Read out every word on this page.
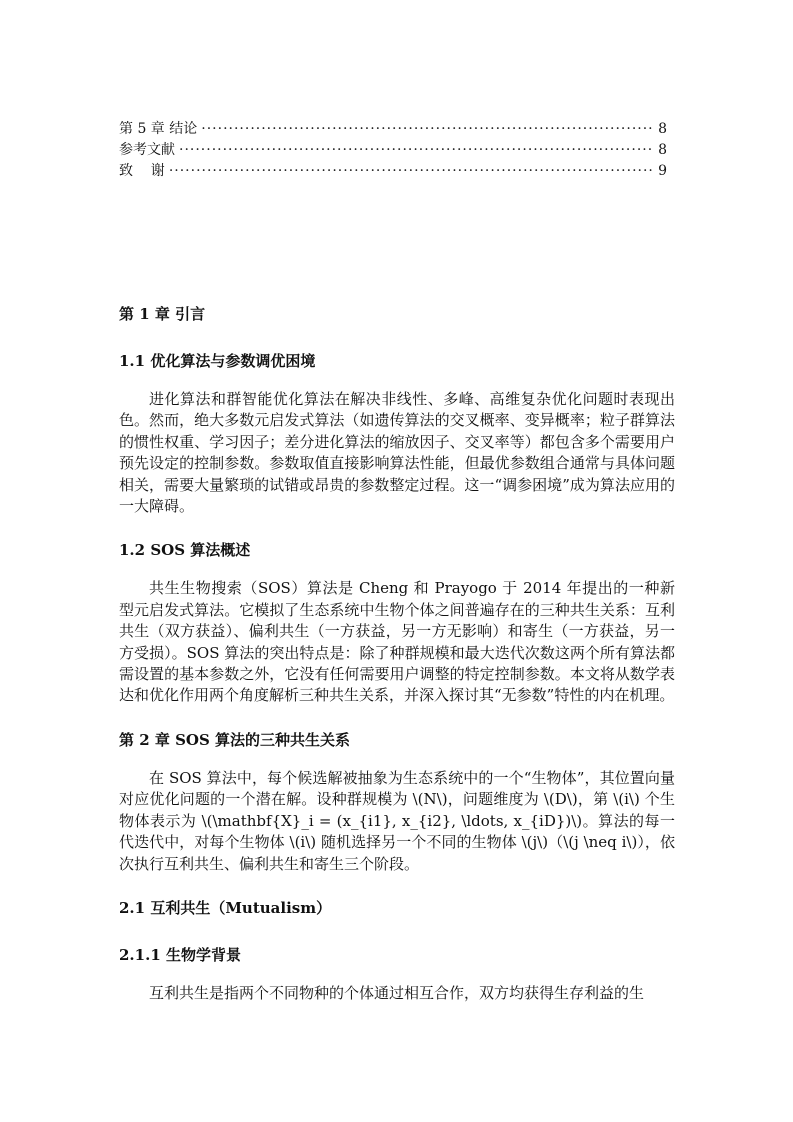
第 5 章 结论 ·····	8
参考文献 ·····	8
致    谢 ·····	9
第 1 章 引言
1.1 优化算法与参数调优困境

进化算法和群智能优化算法在解决非线性、多峰、高维复杂优化问题时表现出色。然而，绝大多数元启发式算法（如遗传算法的交叉概率、变异概率；粒子群算法的惯性权重、学习因子；差分进化算法的缩放因子、交叉率等）都包含多个需要用户预先设定的控制参数。参数取值直接影响算法性能，但最优参数组合通常与具体问题相关，需要大量繁琐的试错或昂贵的参数整定过程。这一“调参困境”成为算法应用的一大障碍。

1.2 SOS 算法概述

共生生物搜索（SOS）算法是 Cheng 和 Prayogo 于 2014 年提出的一种新型元启发式算法。它模拟了生态系统中生物个体之间普遍存在的三种共生关系：互利共生（双方获益）、偏利共生（一方获益，另一方无影响）和寄生（一方获益，另一方受损）。SOS 算法的突出特点是：除了种群规模和最大迭代次数这两个所有算法都需设置的基本参数之外，它没有任何需要用户调整的特定控制参数。本文将从数学表达和优化作用两个角度解析三种共生关系，并深入探讨其“无参数”特性的内在机理。

第 2 章 SOS 算法的三种共生关系

在 SOS 算法中，每个候选解被抽象为生态系统中的一个“生物体”，其位置向量对应优化问题的一个潜在解。设种群规模为 \(N\)，问题维度为 \(D\)，第 \(i\) 个生物体表示为 \(\mathbf{X}_i = (x_{i1}, x_{i2}, \ldots, x_{iD})\)。算法的每一代迭代中，对每个生物体 \(i\) 随机选择另一个不同的生物体 \(j\)（\(j \neq i\)），依次执行互利共生、偏利共生和寄生三个阶段。

2.1 互利共生（Mutualism）
2.1.1 生物学背景

互利共生是指两个不同物种的个体通过相互合作，双方均获得生存利益的生
